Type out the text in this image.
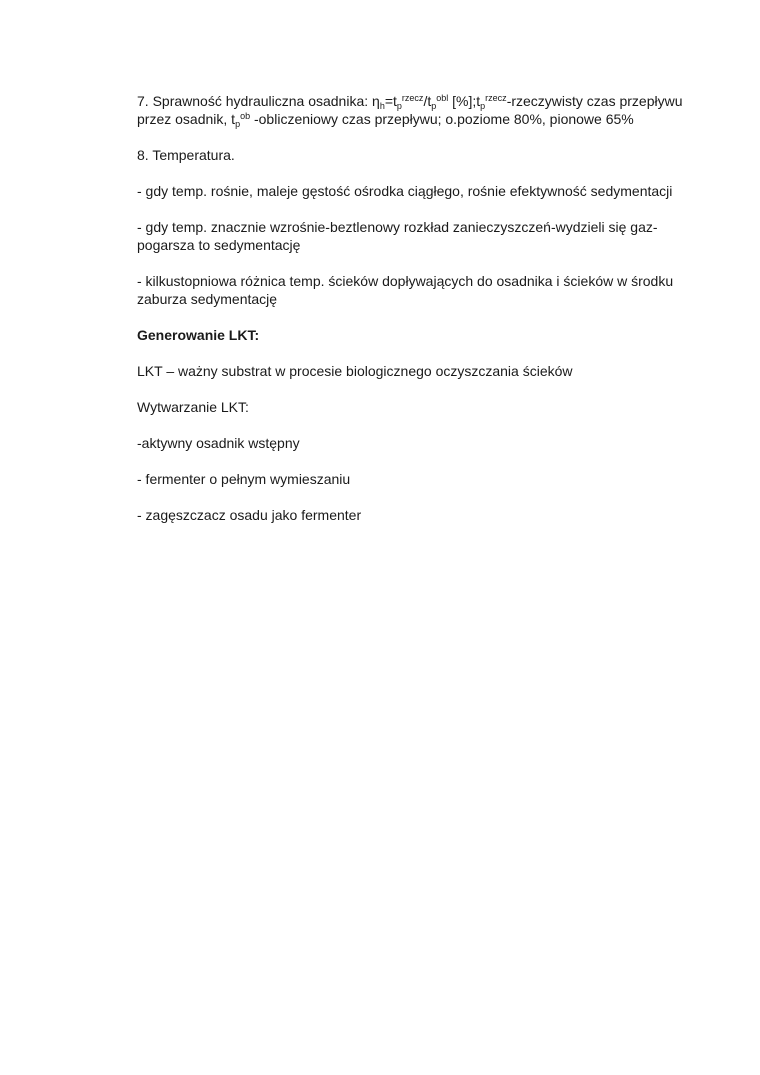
7. Sprawność hydrauliczna osadnika: $\eta_h=t_p^{rzecz}/t_p^{obl}$ $[\%];t_p^{rzecz}$-rzeczywisty czas przepływu przez osadnik, $t_p^{ob}$ -obliczeniowy czas przepływu; o.poziome 80%, pionowe 65%

8. Temperatura.

- gdy temp. rośnie, maleje gęstość ośrodka ciągłego, rośnie efektywność sedymentacji

- gdy temp. znacznie wzrośnie-beztlenowy rozkład zanieczyszczeń-wydzieli się gaz- pogarsza to sedymentację

- kilkustopniowa różnica temp. ścieków dopływających do osadnika i ścieków w środku zaburza sedymentację

Generowanie LKT:

LKT – ważny substrat w procesie biologicznego oczyszczania ścieków

Wytwarzanie LKT:

-aktywny osadnik wstępny

- fermenter o pełnym wymieszaniu

- zagęszczacz osadu jako fermenter
